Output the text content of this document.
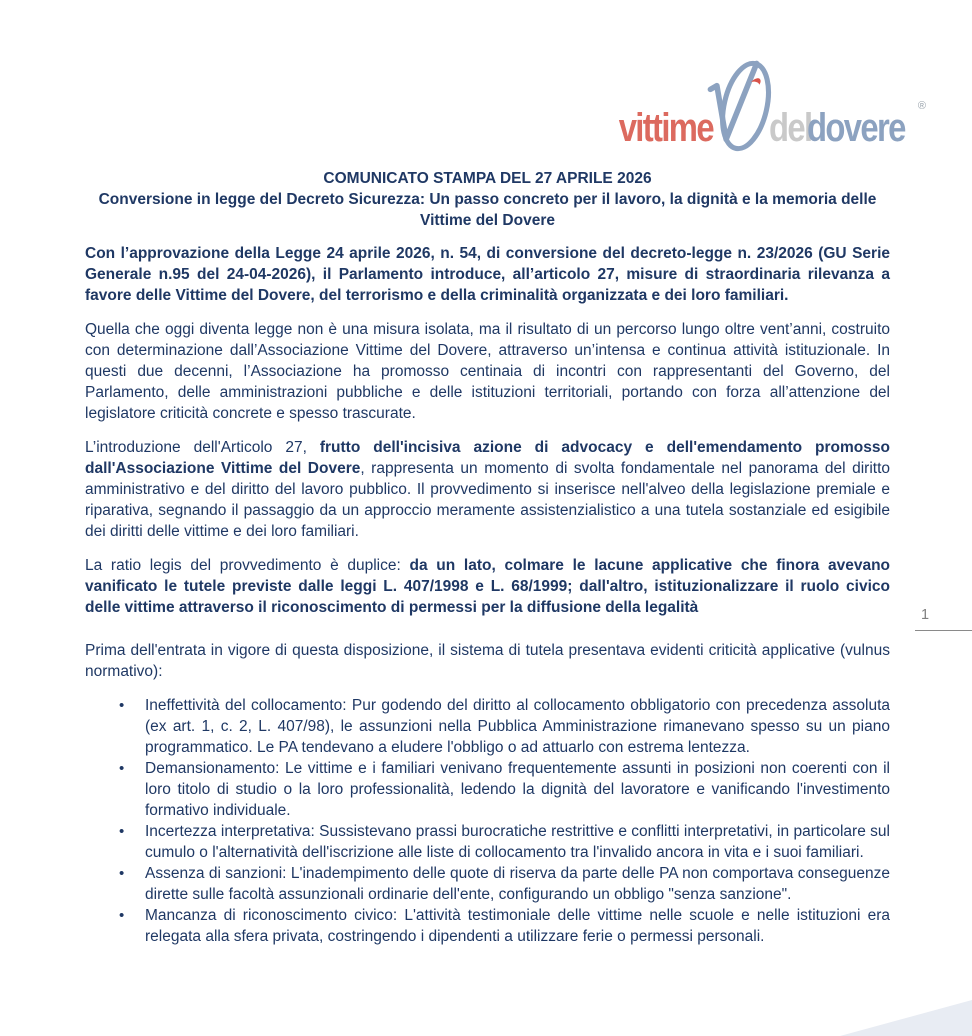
vittime del
dovere ®
COMUNICATO STAMPA DEL 27 APRILE 2026
Conversione in legge del Decreto Sicurezza: Un passo concreto per il lavoro, la dignità e la memoria delle Vittime del Dovere

Con l’approvazione della Legge 24 aprile 2026, n. 54, di conversione del decreto-legge n. 23/2026 (GU Serie Generale n.95 del 24-04-2026), il Parlamento introduce, all’articolo 27, misure di straordinaria rilevanza a favore delle Vittime del Dovere, del terrorismo e della criminalità organizzata e dei loro familiari.

Quella che oggi diventa legge non è una misura isolata, ma il risultato di un percorso lungo oltre vent’anni, costruito con determinazione dall’Associazione Vittime del Dovere, attraverso un’intensa e continua attività istituzionale. In questi due decenni, l’Associazione ha promosso centinaia di incontri con rappresentanti del Governo, del Parlamento, delle amministrazioni pubbliche e delle istituzioni territoriali, portando con forza all’attenzione del legislatore criticità concrete e spesso trascurate.

L’introduzione dell'Articolo 27, frutto dell'incisiva azione di advocacy e dell'emendamento promosso dall'Associazione Vittime del Dovere, rappresenta un momento di svolta fondamentale nel panorama del diritto amministrativo e del diritto del lavoro pubblico. Il provvedimento si inserisce nell'alveo della legislazione premiale e riparativa, segnando il passaggio da un approccio meramente assistenzialistico a una tutela sostanziale ed esigibile dei diritti delle vittime e dei loro familiari.

La ratio legis del provvedimento è duplice: da un lato, colmare le lacune applicative che finora avevano vanificato le tutele previste dalle leggi L. 407/1998 e L. 68/1999; dall'altro, istituzionalizzare il ruolo civico delle vittime attraverso il riconoscimento di permessi per la diffusione della legalità

Prima dell'entrata in vigore di questa disposizione, il sistema di tutela presentava evidenti criticità applicative (vulnus normativo):

• Ineffettività del collocamento: Pur godendo del diritto al collocamento obbligatorio con precedenza assoluta (ex art. 1, c. 2, L. 407/98), le assunzioni nella Pubblica Amministrazione rimanevano spesso su un piano programmatico. Le PA tendevano a eludere l'obbligo o ad attuarlo con estrema lentezza.
• Demansionamento: Le vittime e i familiari venivano frequentemente assunti in posizioni non coerenti con il loro titolo di studio o la loro professionalità, ledendo la dignità del lavoratore e vanificando l'investimento formativo individuale.
• Incertezza interpretativa: Sussistevano prassi burocratiche restrittive e conflitti interpretativi, in particolare sul cumulo o l'alternatività dell'iscrizione alle liste di collocamento tra l'invalido ancora in vita e i suoi familiari.
• Assenza di sanzioni: L'inadempimento delle quote di riserva da parte delle PA non comportava conseguenze dirette sulle facoltà assunzionali ordinarie dell'ente, configurando un obbligo "senza sanzione".
• Mancanza di riconoscimento civico: L'attività testimoniale delle vittime nelle scuole e nelle istituzioni era relegata alla sfera privata, costringendo i dipendenti a utilizzare ferie o permessi personali.
1
